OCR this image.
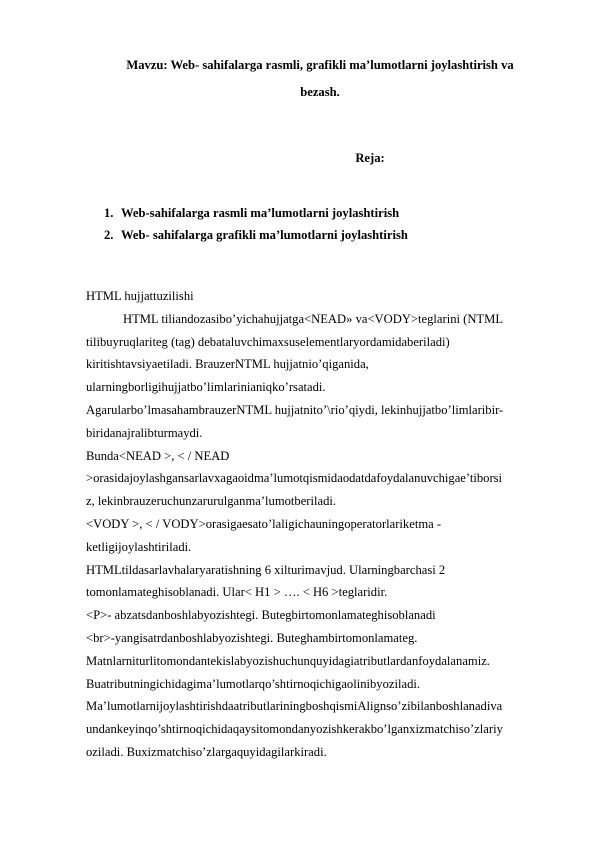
Mavzu: Web- sahifalarga rasmli, grafikli ma’lumotlarni joylashtirish va
bezash.
Reja:
1. Web-sahifalarga rasmli ma’lumotlarni joylashtirish
2. Web- sahifalarga grafikli ma’lumotlarni joylashtirish
HTML hujjattuzilishi
HTML tiliandozasibo’yichahujjatga<NEAD» va<VODY>teglarini (NTML
tilibuyruqlariteg (tag) debataluvchimaxsuselementlaryordamidaberiladi)
kiritishtavsiyaetiladi. BrauzerNTML hujjatnio’qiganida,
ularningborligihujjatbo’limlarinianiqko’rsatadi.
Agarularbo’lmasahambrauzerNTML hujjatnito’\rio’qiydi, lekinhujjatbo’limlaribir-
biridanajralibturmaydi.
Bunda<NEAD >, < / NEAD
>orasidajoylashgansarlavxagaoidma’lumotqismidaodatdafoydalanuvchigae’tiborsi
z, lekinbrauzeruchunzarurulganma’lumotberiladi.
<VODY >, < / VODY>orasigaesato’laligichauningoperatorlariketma -
ketligijoylashtiriladi.
HTMLtildasarlavhalaryaratishning 6 xilturimavjud. Ularningbarchasi 2
tomonlamateghisoblanadi. Ular< H1 > …. < H6 >teglaridir.
<P>- abzatsdanboshlabyozishtegi. Butegbirtomonlamateghisoblanadi
<br>-yangisatrdanboshlabyozishtegi. Buteghambirtomonlamateg.
Matnlarniturlitomondantekislabyozishuchunquyidagiatributlardanfoydalanamiz.
Buatributningichidagima’lumotlarqo’shtirnoqichigaolinibyoziladi.
Ma’lumotlarnijoylashtirishdaatributlariningboshqismiAlignso’zibilanboshlanadiva
undankeyinqo’shtirnoqichidaqaysitomondanyozishkerakbo’lganxizmatchiso’zlariy
oziladi. Buxizmatchiso’zlargaquyidagilarkiradi.
